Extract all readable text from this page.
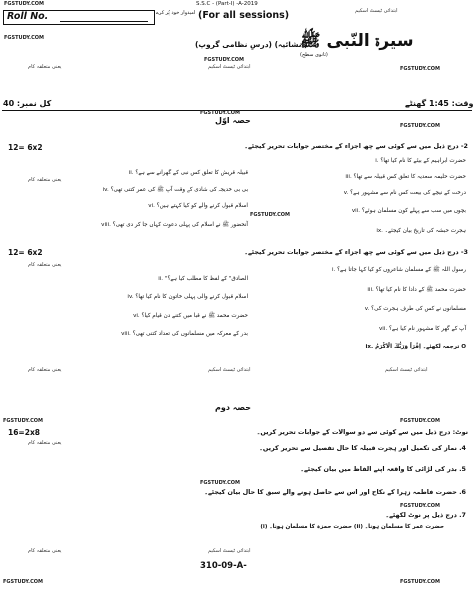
FGSTUDY.COM
Roll No.	امیدوار خود پُر کرے
S.S.C - (Part-I) -A-2019
(For all sessions)	ابتدائی ٹیسٹ اسکیم
FGSTUDY.COM
FGSTUDY.COM
سیرۃ النّبی ﷺ
(انشائیہ) (درسِ نظامی گروپ)
(ثانوی سطح)
یعنی متعلقہ کام	ابتدائی ٹیسٹ اسکیم	FGSTUDY.COM
کل نمبر: 40	وقت: 1:45 گھنٹے
FGSTUDY.COM
حصہ اوّل
FGSTUDY.COM
12= 6x2	2- درج ذیل میں سے کوئی سے چھ اجزاء کے مختصر جوابات تحریر کیجئے۔
ii. قبیلہ قریش کا تعلق کس نبی کے گھرانے سے ہے؟
i. حضرت ابراہیم کے بیٹے کا نام کیا تھا؟
یعنی متعلقہ کام	iii. حضرت حلیمہ سعدیہ کا تعلق کس قبیلہ سے تھا؟
iv. بی بی خدیجہ کی شادی کے وقت آپ ﷺ کی عمر کتنی تھی؟	v. درخت کے نیچے کی بیعت کس نام سے مشہور ہے؟
vi. اسلام قبول کرنے والے کو کیا کہتے ہیں؟
FGSTUDY.COM
vii. بچوں میں سب سے پہلے کون مسلمان ہوئے؟
viii. آنحضور ﷺ نے اسلام کی پہلی دعوت کہاں جا کر دی تھی؟
ix. ہجرت حبشہ کی تاریخ بیان کیجئے۔
12= 6x2	3- درج ذیل میں سے کوئی سے چھ اجزاء کے مختصر جوابات تحریر کیجئے۔
یعنی متعلقہ کام
ii. "الصادق" کے لفظ کا مطلب کیا ہے؟
i. رسول اللہ ﷺ کے مسلمان شاعروں کو کیا کہا جاتا ہے؟
iii. حضرت محمد ﷺ کے دادا کا نام کیا تھا؟
iv. اسلام قبول کرنے والی پہلی خاتون کا نام کیا تھا؟
v. مسلمانوں نے کس کی طرف ہجرت کی؟
vi. حضرت محمد ﷺ نے قبا میں کتنے دن قیام کیا؟
vii. آپ کے گھر کا مشہور نام کیا ہے؟
viii. بدر کے معرکہ میں مسلمانوں کی تعداد کتنی تھی؟
ix. ترجمہ لکھئے۔ اِقْرَاْ وَرَبُّكَ الْاَكْرَمُ O
یعنی متعلقہ کام	ابتدائی ٹیسٹ اسکیم	ابتدائی ٹیسٹ اسکیم
حصہ دوم
FGSTUDY.COM	FGSTUDY.COM
16=2x8	نوٹ: درج ذیل میں سے کوئی سے دو سوالات کے جوابات تحریر کریں۔
یعنی متعلقہ کام
4. نماز کی تکمیل اور ہجرت قبیلہ کا حال تفصیل سے تحریر کریں۔
5. بدر کی لڑائی کا واقعہ اپنے الفاظ میں بیان کیجئے۔
FGSTUDY.COM
6. حضرت فاطمہ زہرا کے نکاح اور اس سے حاصل ہونے والے سبق کا حال بیان کیجئے۔
FGSTUDY.COM
7. درج ذیل پر نوٹ لکھئے۔
(i) حضرت حمزہ کا مسلمان ہونا۔ (ii) حضرت عمر کا مسلمان ہونا۔
یعنی متعلقہ کام	ابتدائی ٹیسٹ اسکیم
310-09-A-
FGSTUDY.COM	FGSTUDY.COM
